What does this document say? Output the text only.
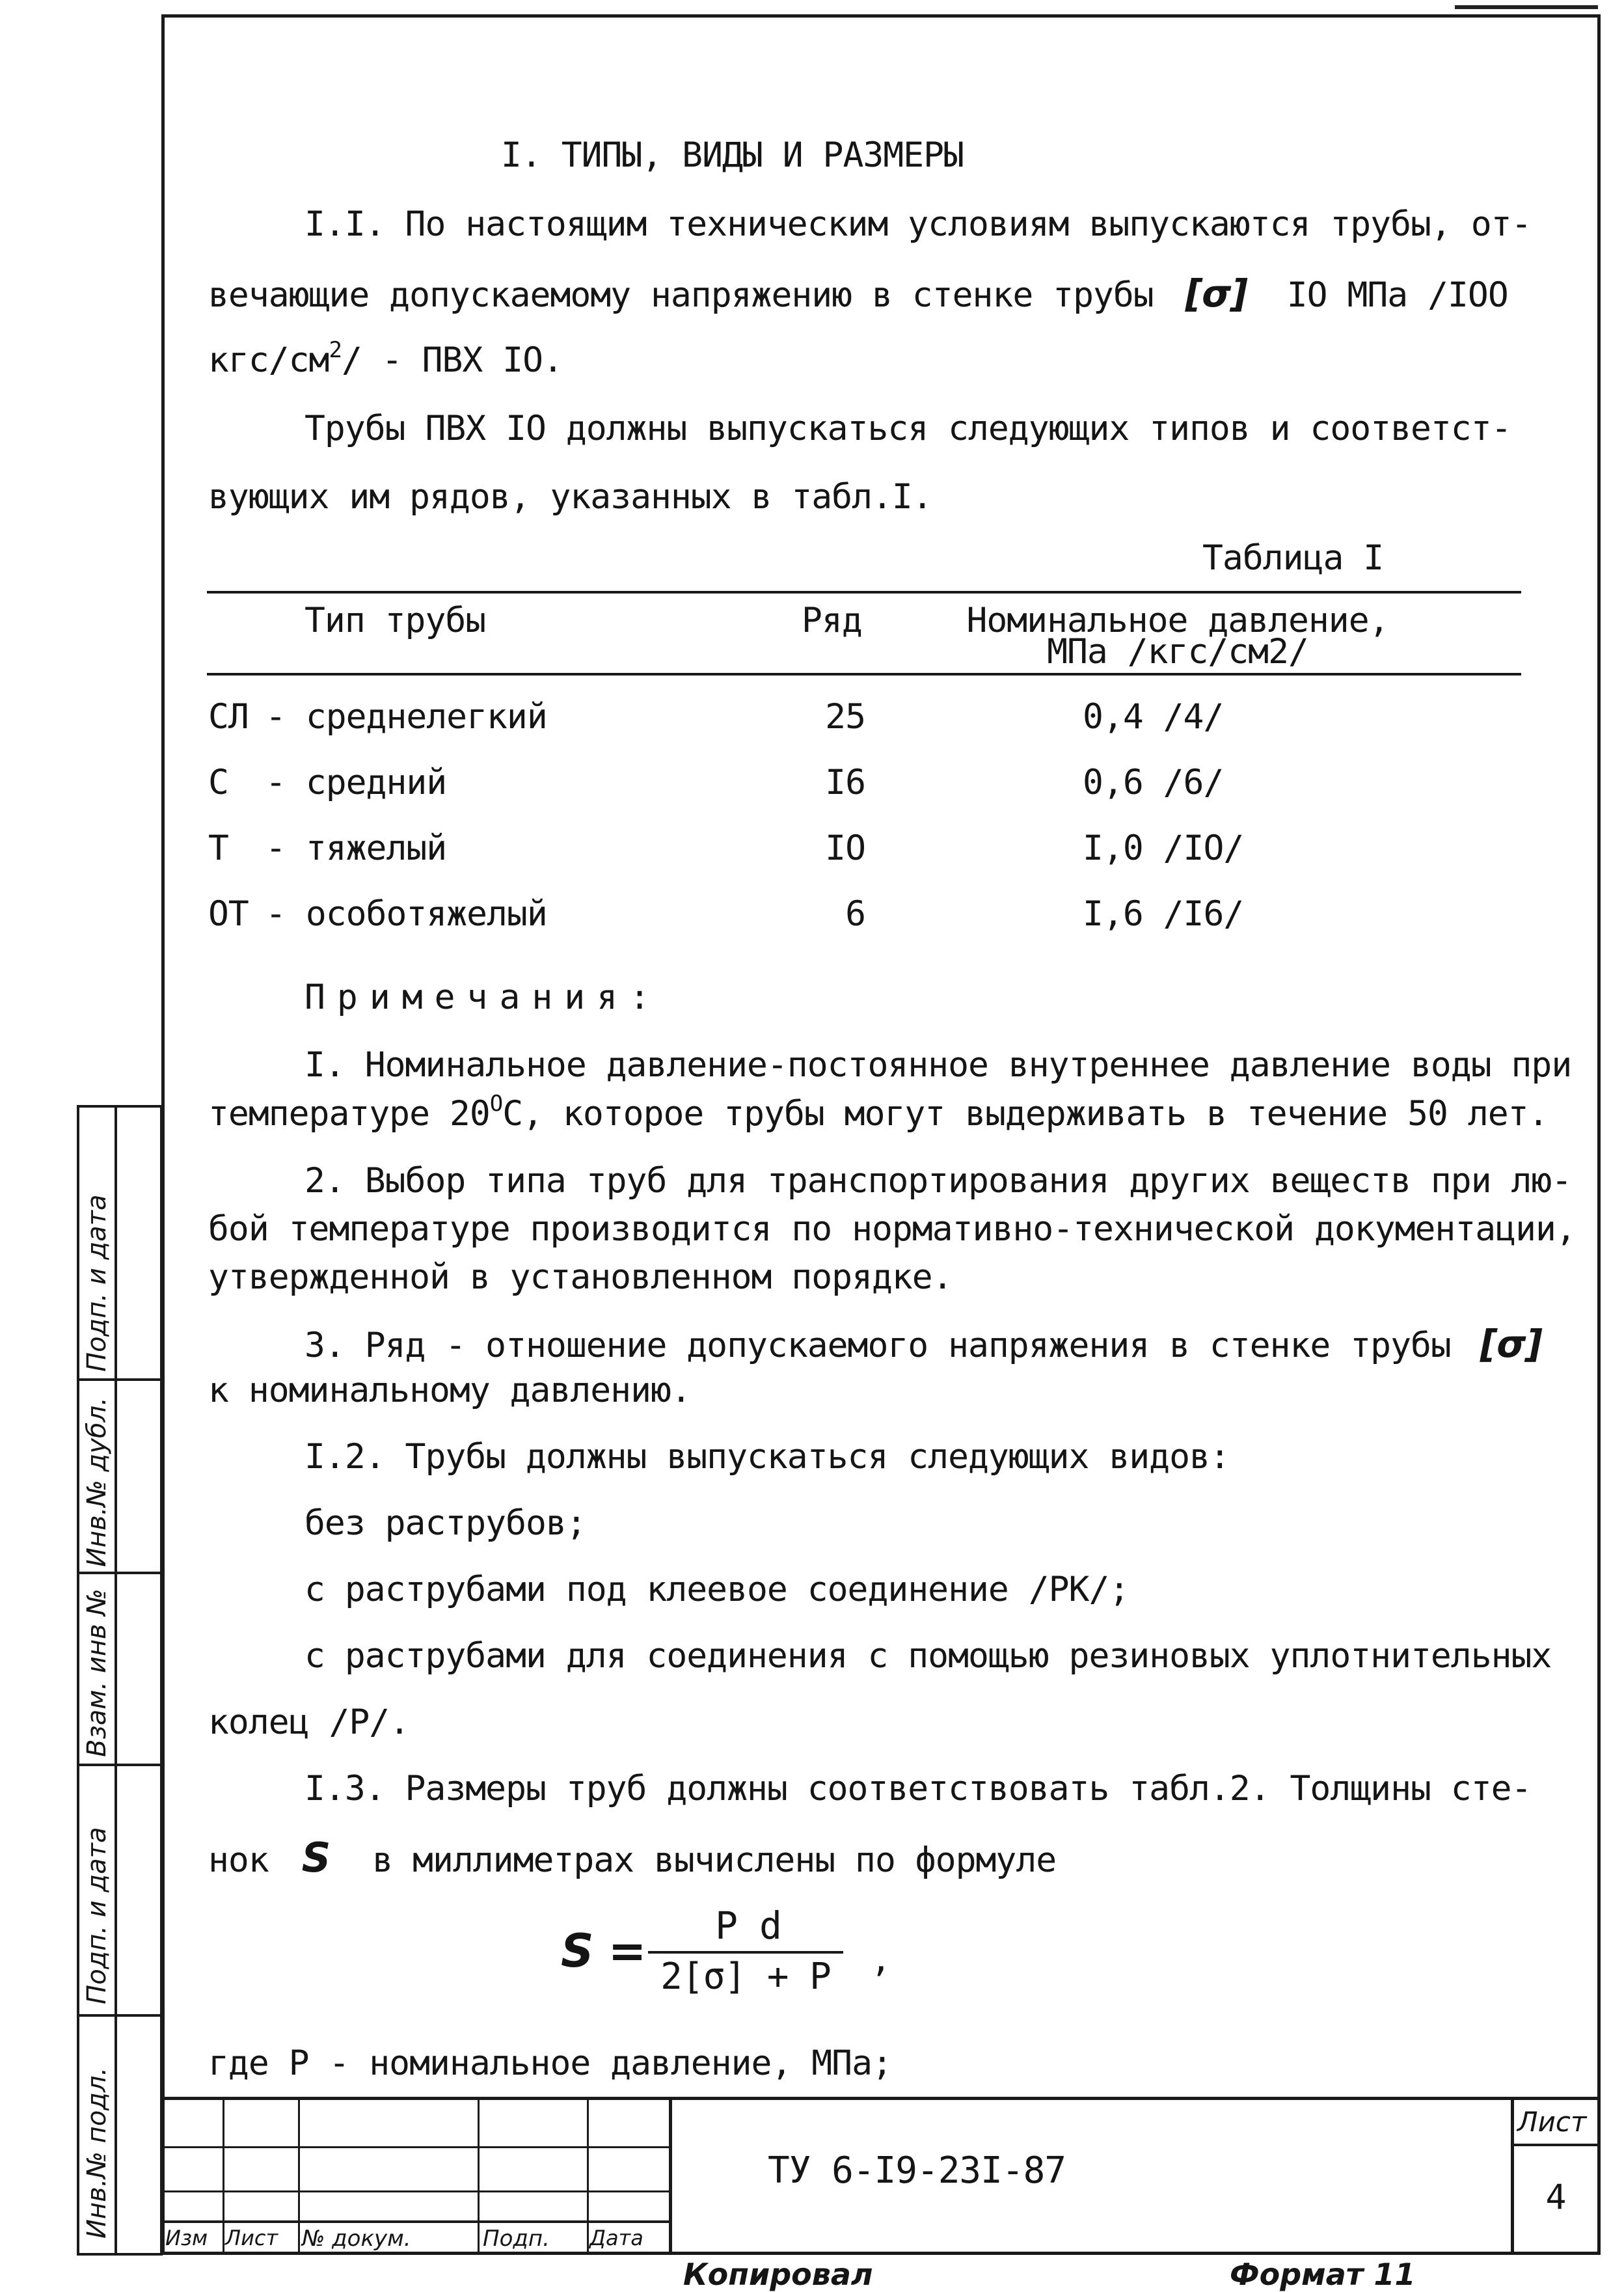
I. ТИПЫ, ВИДЫ И РАЗМЕРЫ
I.I. По настоящим техническим условиям выпускаются трубы, от-
вечающие допускаемому напряжению в стенке трубы [σ] IO МПа /IOO
кгс/$см^2/$ - ПВХ IO.
Трубы ПВХ IO должны выпускаться следующих типов и соответст-
вующих им рядов, указанных в табл.I.
Таблица I
Тип трубы	Ряд	Номинальное давление,
МПа /кгс/см2/
СЛ - среднелегкий	25	0,4 /4/
С - средний	I6	0,6 /6/
Т - тяжелый	IO	I,0 /IO/
ОТ - особотяжелый	6	I,6 /I6/
Примечания:
I. Номинальное давление-постоянное внутреннее давление воды при
температуре $20^OС$, которое трубы могут выдерживать в течение 50 лет.
2. Выбор типа труб для транспортирования других веществ при лю-
бой температуре производится по нормативно-технической документации,
утвержденной в установленном порядке.
3. Ряд - отношение допускаемого напряжения в стенке трубы [σ]
к номинальному давлению.
I.2. Трубы должны выпускаться следующих видов:
без раструбов;
с раструбами под клеевое соединение /РК/;
с раструбами для соединения с помощью резиновых уплотнительных
колец /Р/.
I.3. Размеры труб должны соответствовать табл.2. Толщины сте-
нок S в миллиметрах вычислены по формуле
S =	P d
2[σ] + P	,
где Р - номинальное давление, МПа;
Инв.№ подл.
Подп. и дата
Взам. инв №
Инв.№ дубл.
Подп. и дата
Изм Лист № докум.	Подп. Дата
ТУ 6-I9-23I-87
Лист
4
Копировал	Формат 11
